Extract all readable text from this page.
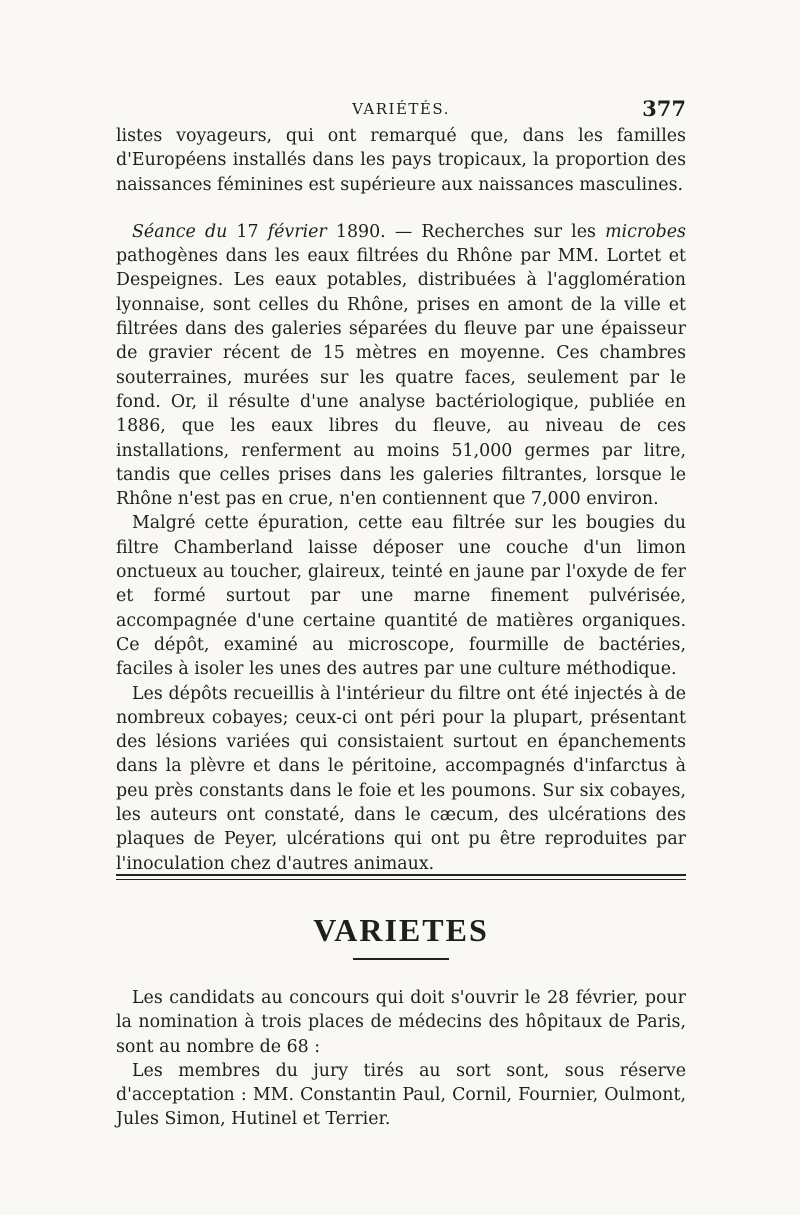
VARIÉTÉS.	377

listes voyageurs, qui ont remarqué que, dans les familles d'Européens installés dans les pays tropicaux, la proportion des naissances féminines est supérieure aux naissances masculines.

Séance du 17 février 1890. — Recherches sur les microbes pathogènes dans les eaux filtrées du Rhône par MM. Lortet et Despeignes. Les eaux potables, distribuées à l'agglomération lyonnaise, sont celles du Rhône, prises en amont de la ville et filtrées dans des galeries séparées du fleuve par une épaisseur de gravier récent de 15 mètres en moyenne. Ces chambres souterraines, murées sur les quatre faces, seulement par le fond. Or, il résulte d'une analyse bactériologique, publiée en 1886, que les eaux libres du fleuve, au niveau de ces installations, renferment au moins 51,000 germes par litre, tandis que celles prises dans les galeries filtrantes, lorsque le Rhône n'est pas en crue, n'en contiennent que 7,000 environ.

Malgré cette épuration, cette eau filtrée sur les bougies du filtre Chamberland laisse déposer une couche d'un limon onctueux au toucher, glaireux, teinté en jaune par l'oxyde de fer et formé surtout par une marne finement pulvérisée, accompagnée d'une certaine quantité de matières organiques. Ce dépôt, examiné au microscope, fourmille de bactéries, faciles à isoler les unes des autres par une culture méthodique.

Les dépôts recueillis à l'intérieur du filtre ont été injectés à de nombreux cobayes; ceux-ci ont péri pour la plupart, présentant des lésions variées qui consistaient surtout en épanchements dans la plèvre et dans le péritoine, accompagnés d'infarctus à peu près constants dans le foie et les poumons. Sur six cobayes, les auteurs ont constaté, dans le cæcum, des ulcérations des plaques de Peyer, ulcérations qui ont pu être reproduites par l'inoculation chez d'autres animaux.

VARIETES

Les candidats au concours qui doit s'ouvrir le 28 février, pour la nomination à trois places de médecins des hôpitaux de Paris, sont au nombre de 68 :

Les membres du jury tirés au sort sont, sous réserve d'acceptation : MM. Constantin Paul, Cornil, Fournier, Oulmont, Jules Simon, Hutinel et Terrier.
